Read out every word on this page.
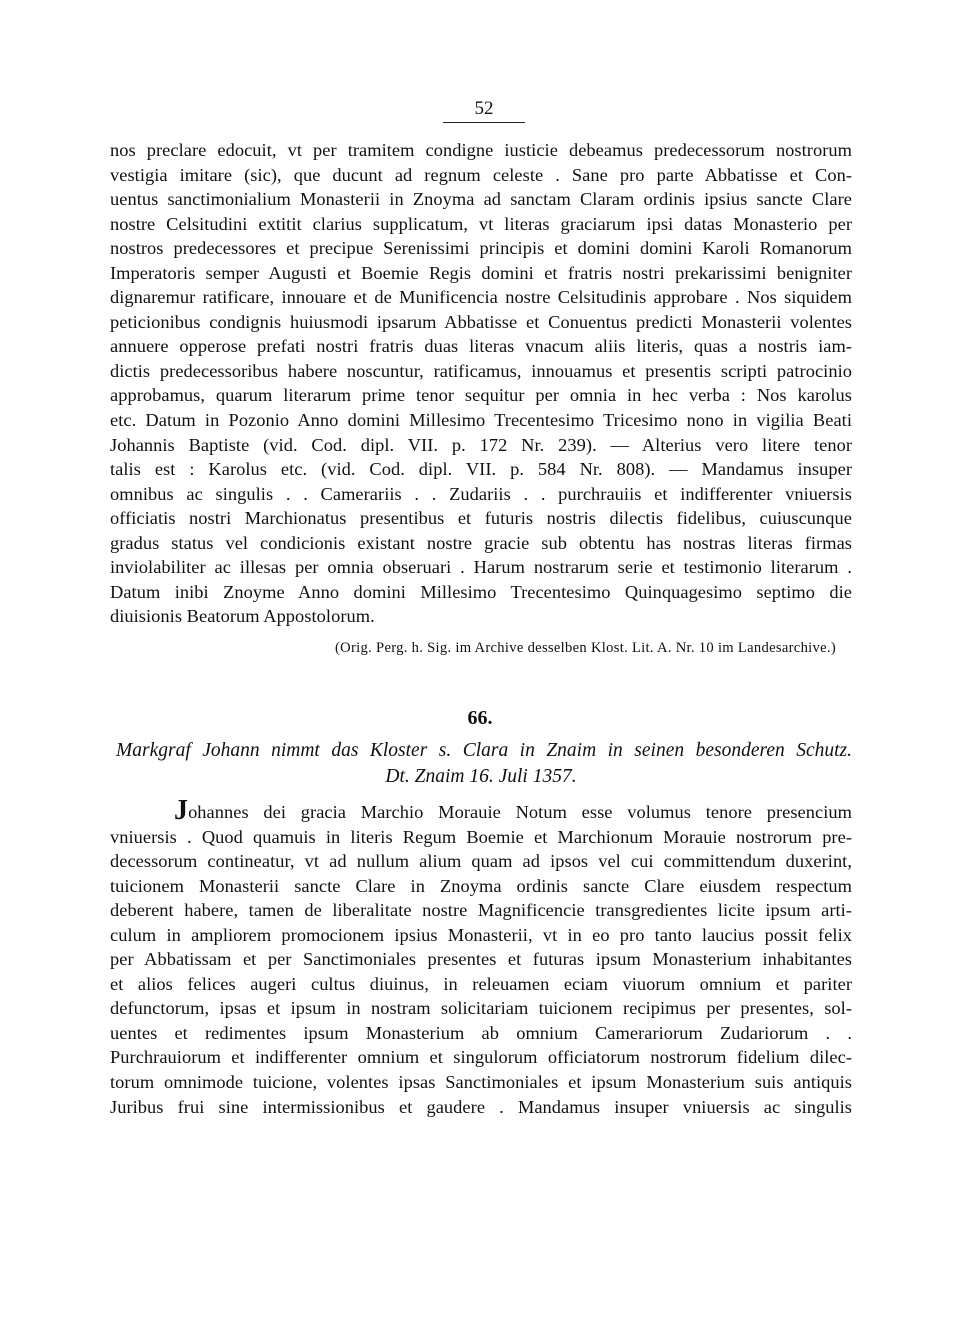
52
nos preclare edocuit, vt per tramitem condigne iusticie debeamus predecessorum nostrorum
vestigia imitare (sic), que ducunt ad regnum celeste . Sane pro parte Abbatisse et Con-
uentus sanctimonialium Monasterii in Znoyma ad sanctam Claram ordinis ipsius sancte Clare
nostre Celsitudini extitit clarius supplicatum, vt literas graciarum ipsi datas Monasterio per
nostros predecessores et precipue Serenissimi principis et domini domini Karoli Romanorum
Imperatoris semper Augusti et Boemie Regis domini et fratris nostri prekarissimi benigniter
dignaremur ratificare, innouare et de Munificencia nostre Celsitudinis approbare . Nos siquidem
peticionibus condignis huiusmodi ipsarum Abbatisse et Conuentus predicti Monasterii volentes
annuere opperose prefati nostri fratris duas literas vnacum aliis literis, quas a nostris iam-
dictis predecessoribus habere noscuntur, ratificamus, innouamus et presentis scripti patrocinio
approbamus, quarum literarum prime tenor sequitur per omnia in hec verba : Nos karolus
etc. Datum in Pozonio Anno domini Millesimo Trecentesimo Tricesimo nono in vigilia Beati
Johannis Baptiste (vid. Cod. dipl. VII. p. 172 Nr. 239). — Alterius vero litere tenor
talis est : Karolus etc. (vid. Cod. dipl. VII. p. 584 Nr. 808). — Mandamus insuper
omnibus ac singulis . . Camerariis . . Zudariis . . purchrauiis et indifferenter vniuersis
officiatis nostri Marchionatus presentibus et futuris nostris dilectis fidelibus, cuiuscunque
gradus status vel condicionis existant nostre gracie sub obtentu has nostras literas firmas
inviolabiliter ac illesas per omnia obseruari . Harum nostrarum serie et testimonio literarum .
Datum inibi Znoyme Anno domini Millesimo Trecentesimo Quinquagesimo septimo die
diuisionis Beatorum Appostolorum.
(Orig. Perg. h. Sig. im Archive desselben Klost. Lit. A. Nr. 10 im Landesarchive.)
66.
Markgraf Johann nimmt das Kloster s. Clara in Znaim in seinen besonderen Schutz.
Dt. Znaim 16. Juli 1357.
Johannes dei gracia Marchio Morauie Notum esse volumus tenore presencium
vniuersis . Quod quamuis in literis Regum Boemie et Marchionum Morauie nostrorum pre-
decessorum contineatur, vt ad nullum alium quam ad ipsos vel cui committendum duxerint,
tuicionem Monasterii sancte Clare in Znoyma ordinis sancte Clare eiusdem respectum
deberent habere, tamen de liberalitate nostre Magnificencie transgredientes licite ipsum arti-
culum in ampliorem promocionem ipsius Monasterii, vt in eo pro tanto laucius possit felix
per Abbatissam et per Sanctimoniales presentes et futuras ipsum Monasterium inhabitantes
et alios felices augeri cultus diuinus, in releuamen eciam viuorum omnium et pariter
defunctorum, ipsas et ipsum in nostram solicitariam tuicionem recipimus per presentes, sol-
uentes et redimentes ipsum Monasterium ab omnium Camerariorum Zudariorum . .
Purchrauiorum et indifferenter omnium et singulorum officiatorum nostrorum fidelium dilec-
torum omnimode tuicione, volentes ipsas Sanctimoniales et ipsum Monasterium suis antiquis
Juribus frui sine intermissionibus et gaudere . Mandamus insuper vniuersis ac singulis
